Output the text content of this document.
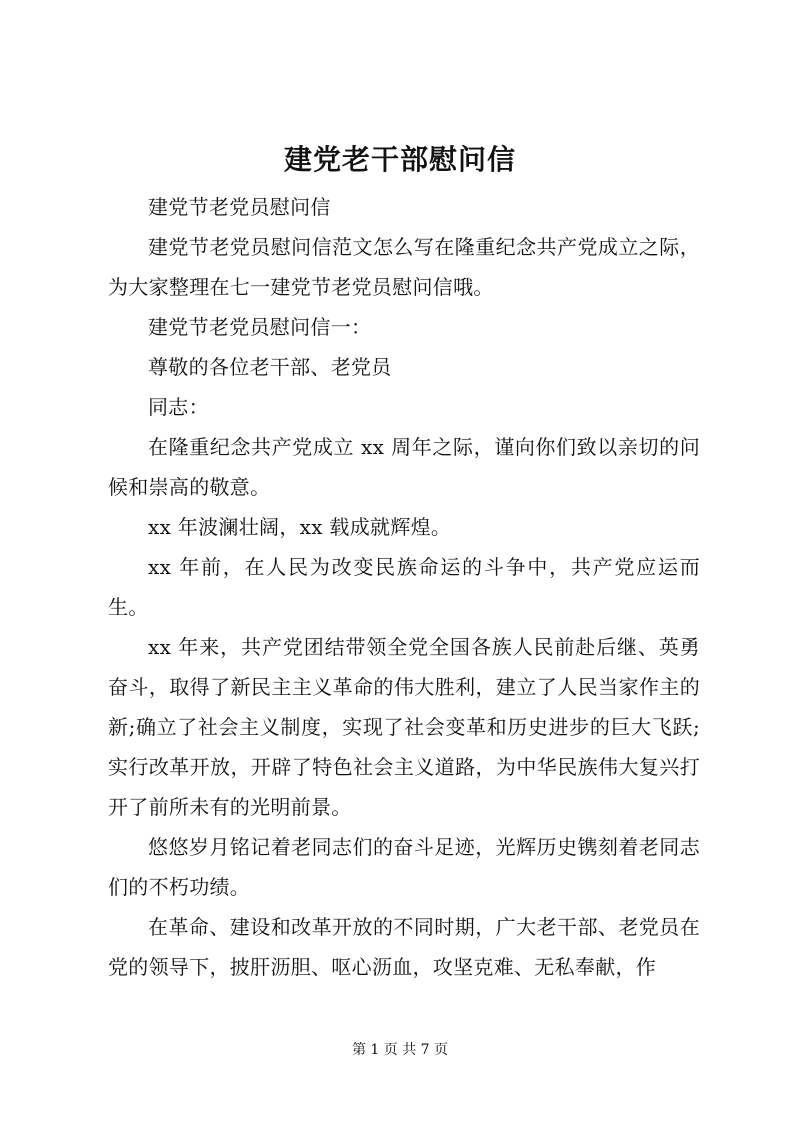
建党老干部慰问信

建党节老党员慰问信

建党节老党员慰问信范文怎么写在隆重纪念共产党成立之际，为大家整理在七一建党节老党员慰问信哦。

建党节老党员慰问信一：

尊敬的各位老干部、老党员

同志：

在隆重纪念共产党成立 xx 周年之际，谨向你们致以亲切的问候和崇高的敬意。

xx 年波澜壮阔，xx 载成就辉煌。

xx 年前，在人民为改变民族命运的斗争中，共产党应运而生。

xx 年来，共产党团结带领全党全国各族人民前赴后继、英勇奋斗，取得了新民主主义革命的伟大胜利，建立了人民当家作主的新;确立了社会主义制度，实现了社会变革和历史进步的巨大飞跃;实行改革开放，开辟了特色社会主义道路，为中华民族伟大复兴打开了前所未有的光明前景。

悠悠岁月铭记着老同志们的奋斗足迹，光辉历史镌刻着老同志们的不朽功绩。

在革命、建设和改革开放的不同时期，广大老干部、老党员在党的领导下，披肝沥胆、呕心沥血，攻坚克难、无私奉献，作

第 1 页 共 7 页
